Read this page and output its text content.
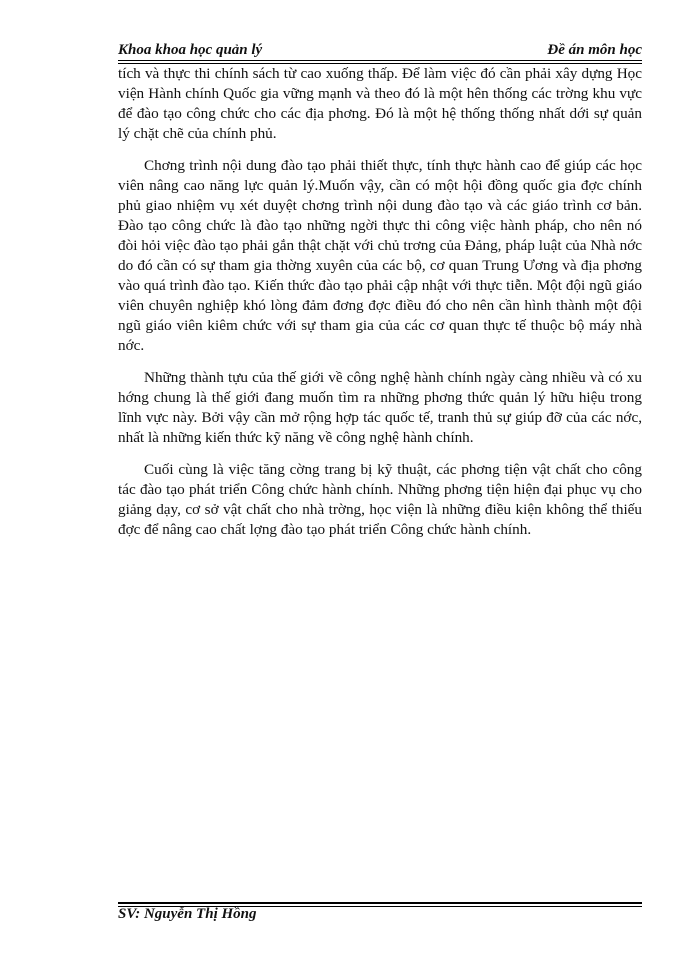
Khoa khoa học quản lý	Đề án môn học

tích và thực thi chính sách từ cao xuống thấp. Để làm việc đó cần phải xây dựng Học viện Hành chính Quốc gia vững mạnh và theo đó là một hên thống các trờng khu vực để đào tạo công chức cho các địa phơng. Đó là một hệ thống thống nhất dới sự quản lý chặt chẽ của chính phủ.

Chơng trình nội dung đào tạo phải thiết thực, tính thực hành cao để giúp các học viên nâng cao năng lực quản lý.Muốn vậy, cần có một hội đồng quốc gia đợc chính phủ giao nhiệm vụ xét duyệt chơng trình nội dung đào tạo và các giáo trình cơ bản. Đào tạo công chức là đào tạo những ngời thực thi công việc hành pháp, cho nên nó đòi hỏi việc đào tạo phải gắn thật chặt với chủ trơng của Đảng, pháp luật của Nhà nớc do đó cần có sự tham gia thờng xuyên của các bộ, cơ quan Trung Ương và địa phơng vào quá trình đào tạo. Kiến thức đào tạo phải cập nhật với thực tiễn. Một đội ngũ giáo viên chuyên nghiệp khó lòng đảm đơng đợc điều đó cho nên cần hình thành một đội ngũ giáo viên kiêm chức với sự tham gia của các cơ quan thực tế thuộc bộ máy nhà nớc.

Những thành tựu của thế giới về công nghệ hành chính ngày càng nhiều và có xu hớng chung là thế giới đang muốn tìm ra những phơng thức quản lý hữu hiệu trong lĩnh vực này. Bởi vậy cần mở rộng hợp tác quốc tế, tranh thủ sự giúp đỡ của các nớc, nhất là những kiến thức kỹ năng về công nghệ hành chính.

Cuối cùng là việc tăng cờng trang bị kỹ thuật, các phơng tiện vật chất cho công tác đào tạo phát triển Công chức hành chính. Những phơng tiện hiện đại phục vụ cho giảng dạy, cơ sở vật chất cho nhà trờng, học viện là những điều kiện không thể thiếu đợc để nâng cao chất lợng đào tạo phát triển Công chức hành chính.

SV: Nguyễn Thị Hồng
